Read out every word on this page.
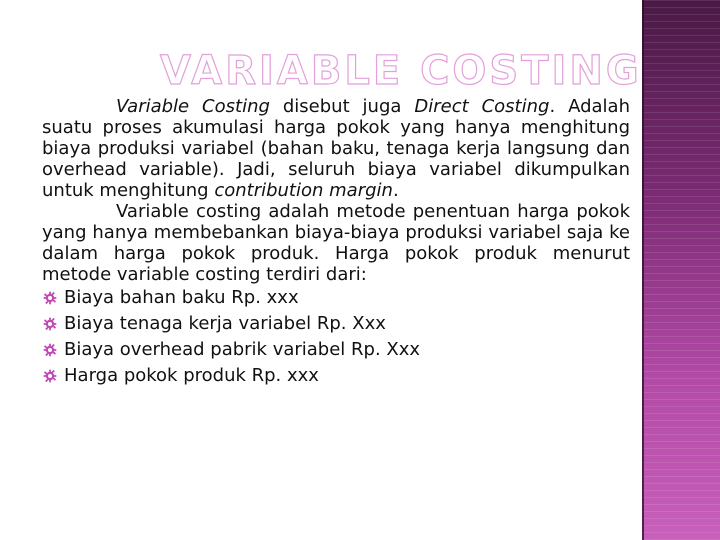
VARIABLE COSTING

Variable Costing disebut juga Direct Costing. Adalah suatu proses akumulasi harga pokok yang hanya menghitung biaya produksi variabel (bahan baku, tenaga kerja langsung dan overhead variable). Jadi, seluruh biaya variabel dikumpulkan untuk menghitung contribution margin.

Variable costing adalah metode penentuan harga pokok yang hanya membebankan biaya-biaya produksi variabel saja ke dalam harga pokok produk. Harga pokok produk menurut metode variable costing terdiri dari:

Biaya bahan baku Rp. xxx
Biaya tenaga kerja variabel Rp. Xxx
Biaya overhead pabrik variabel Rp. Xxx
Harga pokok produk Rp. xxx
